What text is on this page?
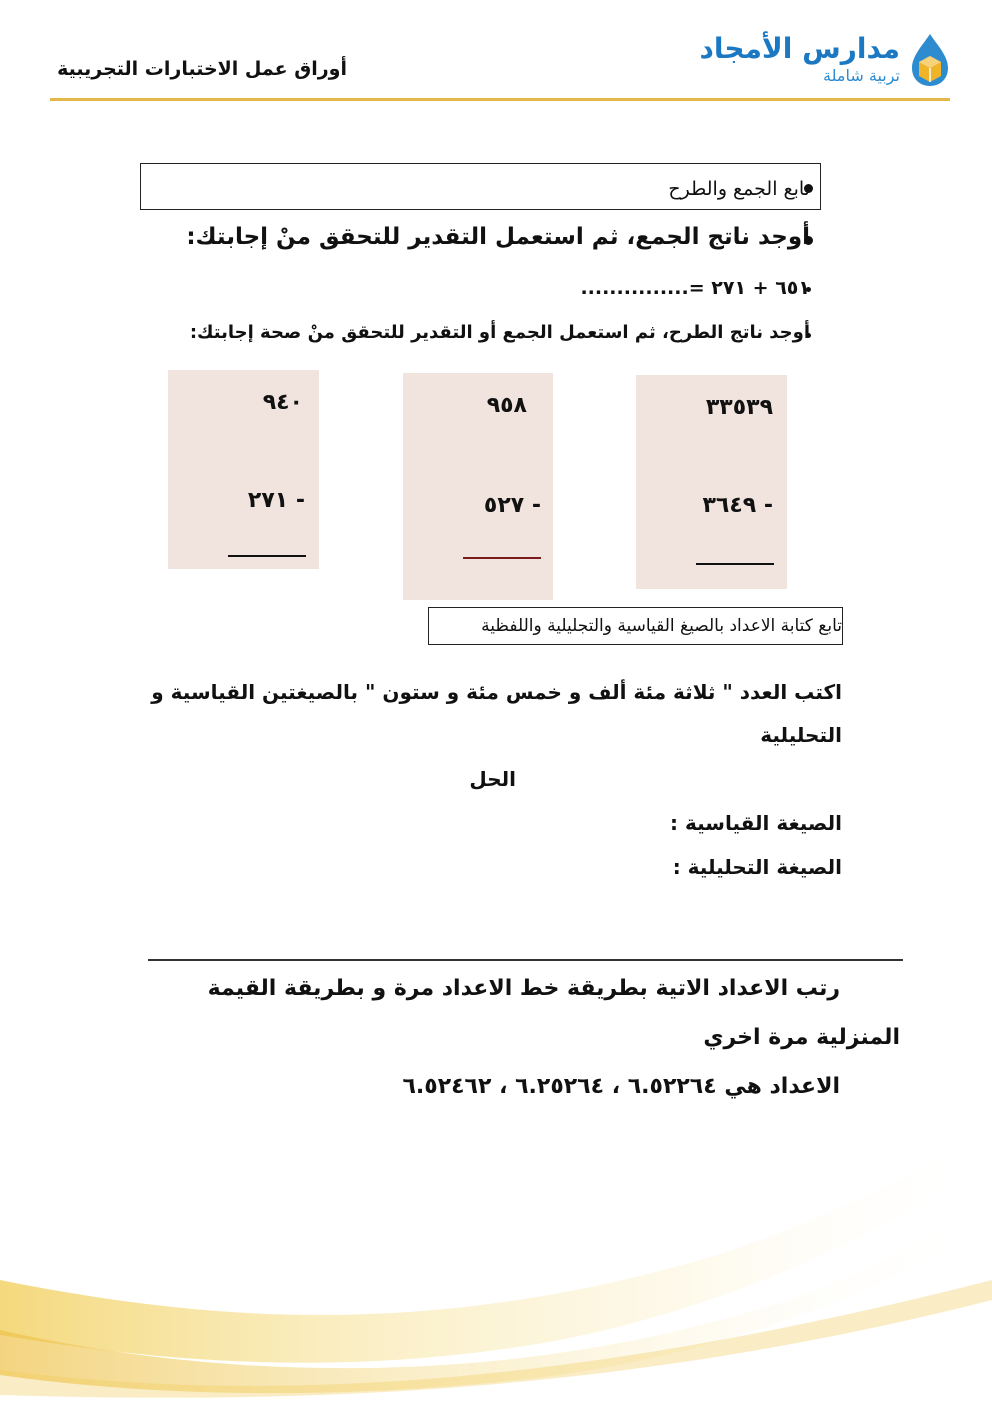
أوراق عمل الاختبارات التجريبية
مدارس الأمجاد
تربية شاملة
تابع الجمع والطرح
أوجد ناتج الجمع، ثم استعمل التقدير للتحقق منْ إجابتك:
٦٥١ + ٢٧١ =...............
أوجد ناتج الطرح، ثم استعمل الجمع أو التقدير للتحقق منْ صحة إجابتك:
٣٣٥٣٩
- ٣٦٤٩
٩٥٨
- ٥٢٧
٩٤٠
- ٢٧١
تابع كتابة الاعداد بالصيغ القياسية والتجليلية واللفظية
اكتب العدد " ثلاثة مئة ألف و خمس مئة و ستون " بالصيغتين القياسية و
التحليلية
الحل
الصيغة القياسية :
الصيغة التحليلية :
رتب الاعداد الاتية بطريقة خط الاعداد مرة و بطريقة القيمة
المنزلية مرة اخري
الاعداد هي ٦.٥٢٢٦٤ ، ٦.٢٥٢٦٤ ، ٦.٥٢٤٦٢
